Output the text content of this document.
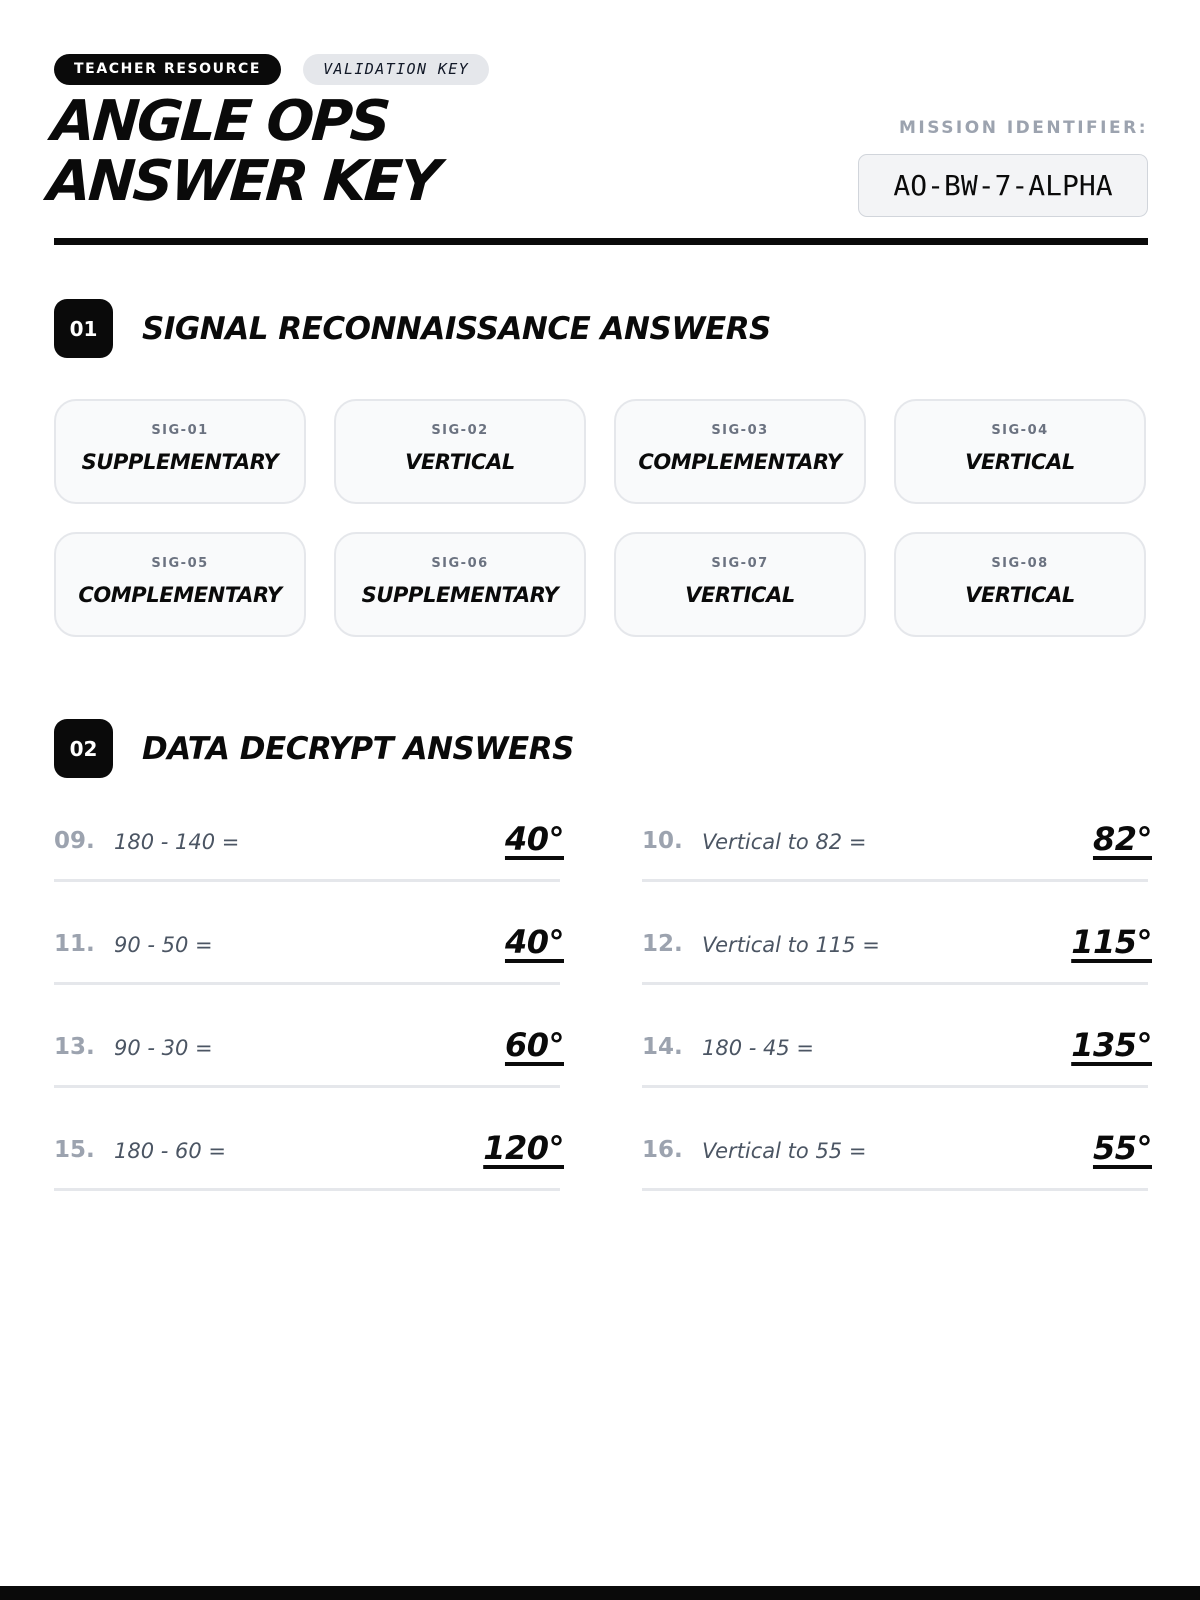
TEACHER RESOURCE	VALIDATION KEY
ANGLE OPS
ANSWER KEY
MISSION IDENTIFIER:
AO-BW-7-ALPHA
01	SIGNAL RECONNAISSANCE ANSWERS
SIG-01
SUPPLEMENTARY
SIG-02
VERTICAL
SIG-03
COMPLEMENTARY
SIG-04
VERTICAL
SIG-05
COMPLEMENTARY
SIG-06
SUPPLEMENTARY
SIG-07
VERTICAL
SIG-08
VERTICAL
02	DATA DECRYPT ANSWERS
09. 180 - 140 =	40°	10. Vertical to 82 =	82°
11. 90 - 50 =	40°	12. Vertical to 115 =	115°
13. 90 - 30 =	60°	14. 180 - 45 =	135°
15. 180 - 60 =	120°	16. Vertical to 55 =	55°
